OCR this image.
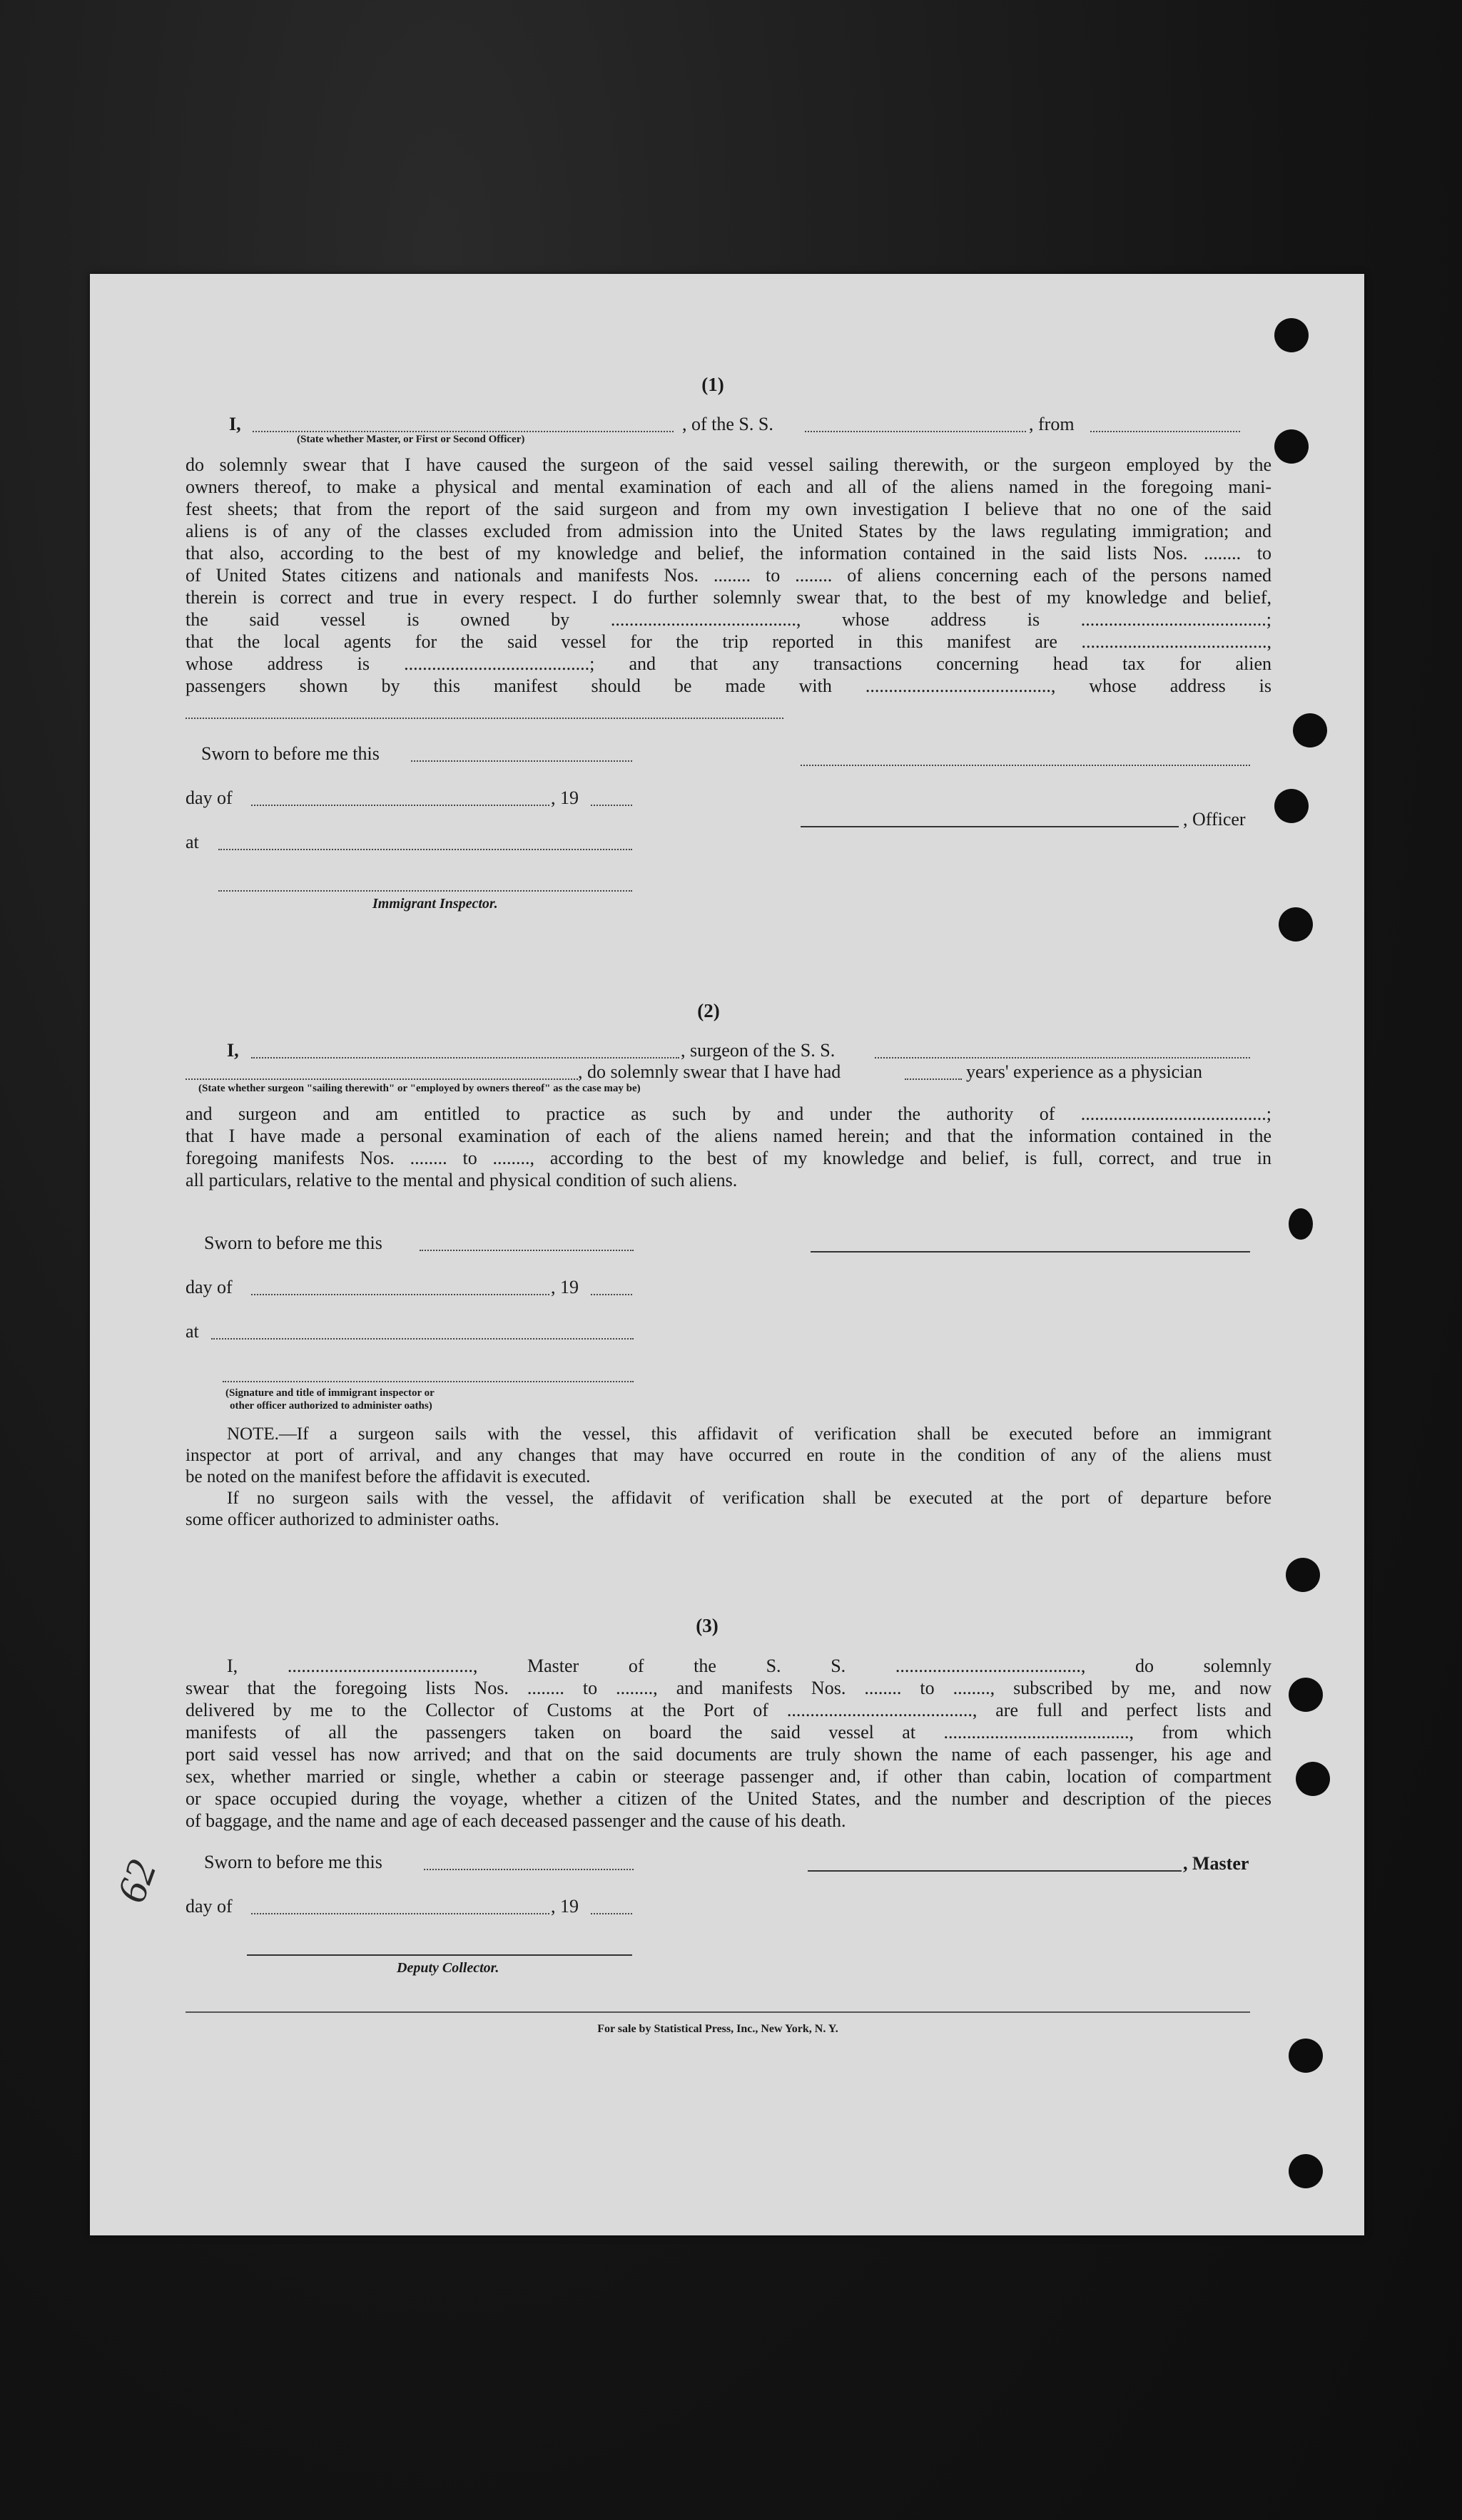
(1)
I,	, of the S. S.	, from
(State whether Master, or First or Second Officer)
do solemnly swear that I have caused the surgeon of the said vessel sailing therewith, or the surgeon employed by the
owners thereof, to make a physical and mental examination of each and all of the aliens named in the foregoing mani-
fest sheets; that from the report of the said surgeon and from my own investigation I believe that no one of the said
aliens is of any of the classes excluded from admission into the United States by the laws regulating immigration; and
that also, according to the best of my knowledge and belief, the information contained in the said lists Nos. ........ to
of United States citizens and nationals and manifests Nos. ........ to ........ of aliens concerning each of the persons named
therein is correct and true in every respect. I do further solemnly swear that, to the best of my knowledge and belief,
the said vessel is owned by ........................................, whose address is ........................................;
that the local agents for the said vessel for the trip reported in this manifest are ........................................,
whose address is ........................................; and that any transactions concerning head tax for alien
passengers shown by this manifest should be made with ........................................, whose address is
Sworn to before me this
day of	, 19
at
, Officer
Immigrant Inspector.
(2)
I,	, surgeon of the S. S.
, do solemnly swear that I have had	years' experience as a physician
(State whether surgeon "sailing therewith" or "employed by owners thereof" as the case may be)
and surgeon and am entitled to practice as such by and under the authority of ........................................;
that I have made a personal examination of each of the aliens named herein; and that the information contained in the
foregoing manifests Nos. ........ to ........, according to the best of my knowledge and belief, is full, correct, and true in
all particulars, relative to the mental and physical condition of such aliens.
Sworn to before me this
day of	, 19
at
(Signature and title of immigrant inspector or
other officer authorized to administer oaths)
NOTE.—If a surgeon sails with the vessel, this affidavit of verification shall be executed before an immigrant
inspector at port of arrival, and any changes that may have occurred en route in the condition of any of the aliens must
be noted on the manifest before the affidavit is executed.
If no surgeon sails with the vessel, the affidavit of verification shall be executed at the port of departure before
some officer authorized to administer oaths.
(3)
I, ........................................, Master of the S. S. ........................................, do solemnly
swear that the foregoing lists Nos. ........ to ........, and manifests Nos. ........ to ........, subscribed by me, and now
delivered by me to the Collector of Customs at the Port of ........................................, are full and perfect lists and
manifests of all the passengers taken on board the said vessel at ........................................, from which
port said vessel has now arrived; and that on the said documents are truly shown the name of each passenger, his age and
sex, whether married or single, whether a cabin or steerage passenger and, if other than cabin, location of compartment
or space occupied during the voyage, whether a citizen of the United States, and the number and description of the pieces
of baggage, and the name and age of each deceased passenger and the cause of his death.
Sworn to before me this
day of	, 19
, Master
Deputy Collector.
62
For sale by Statistical Press, Inc., New York, N. Y.
